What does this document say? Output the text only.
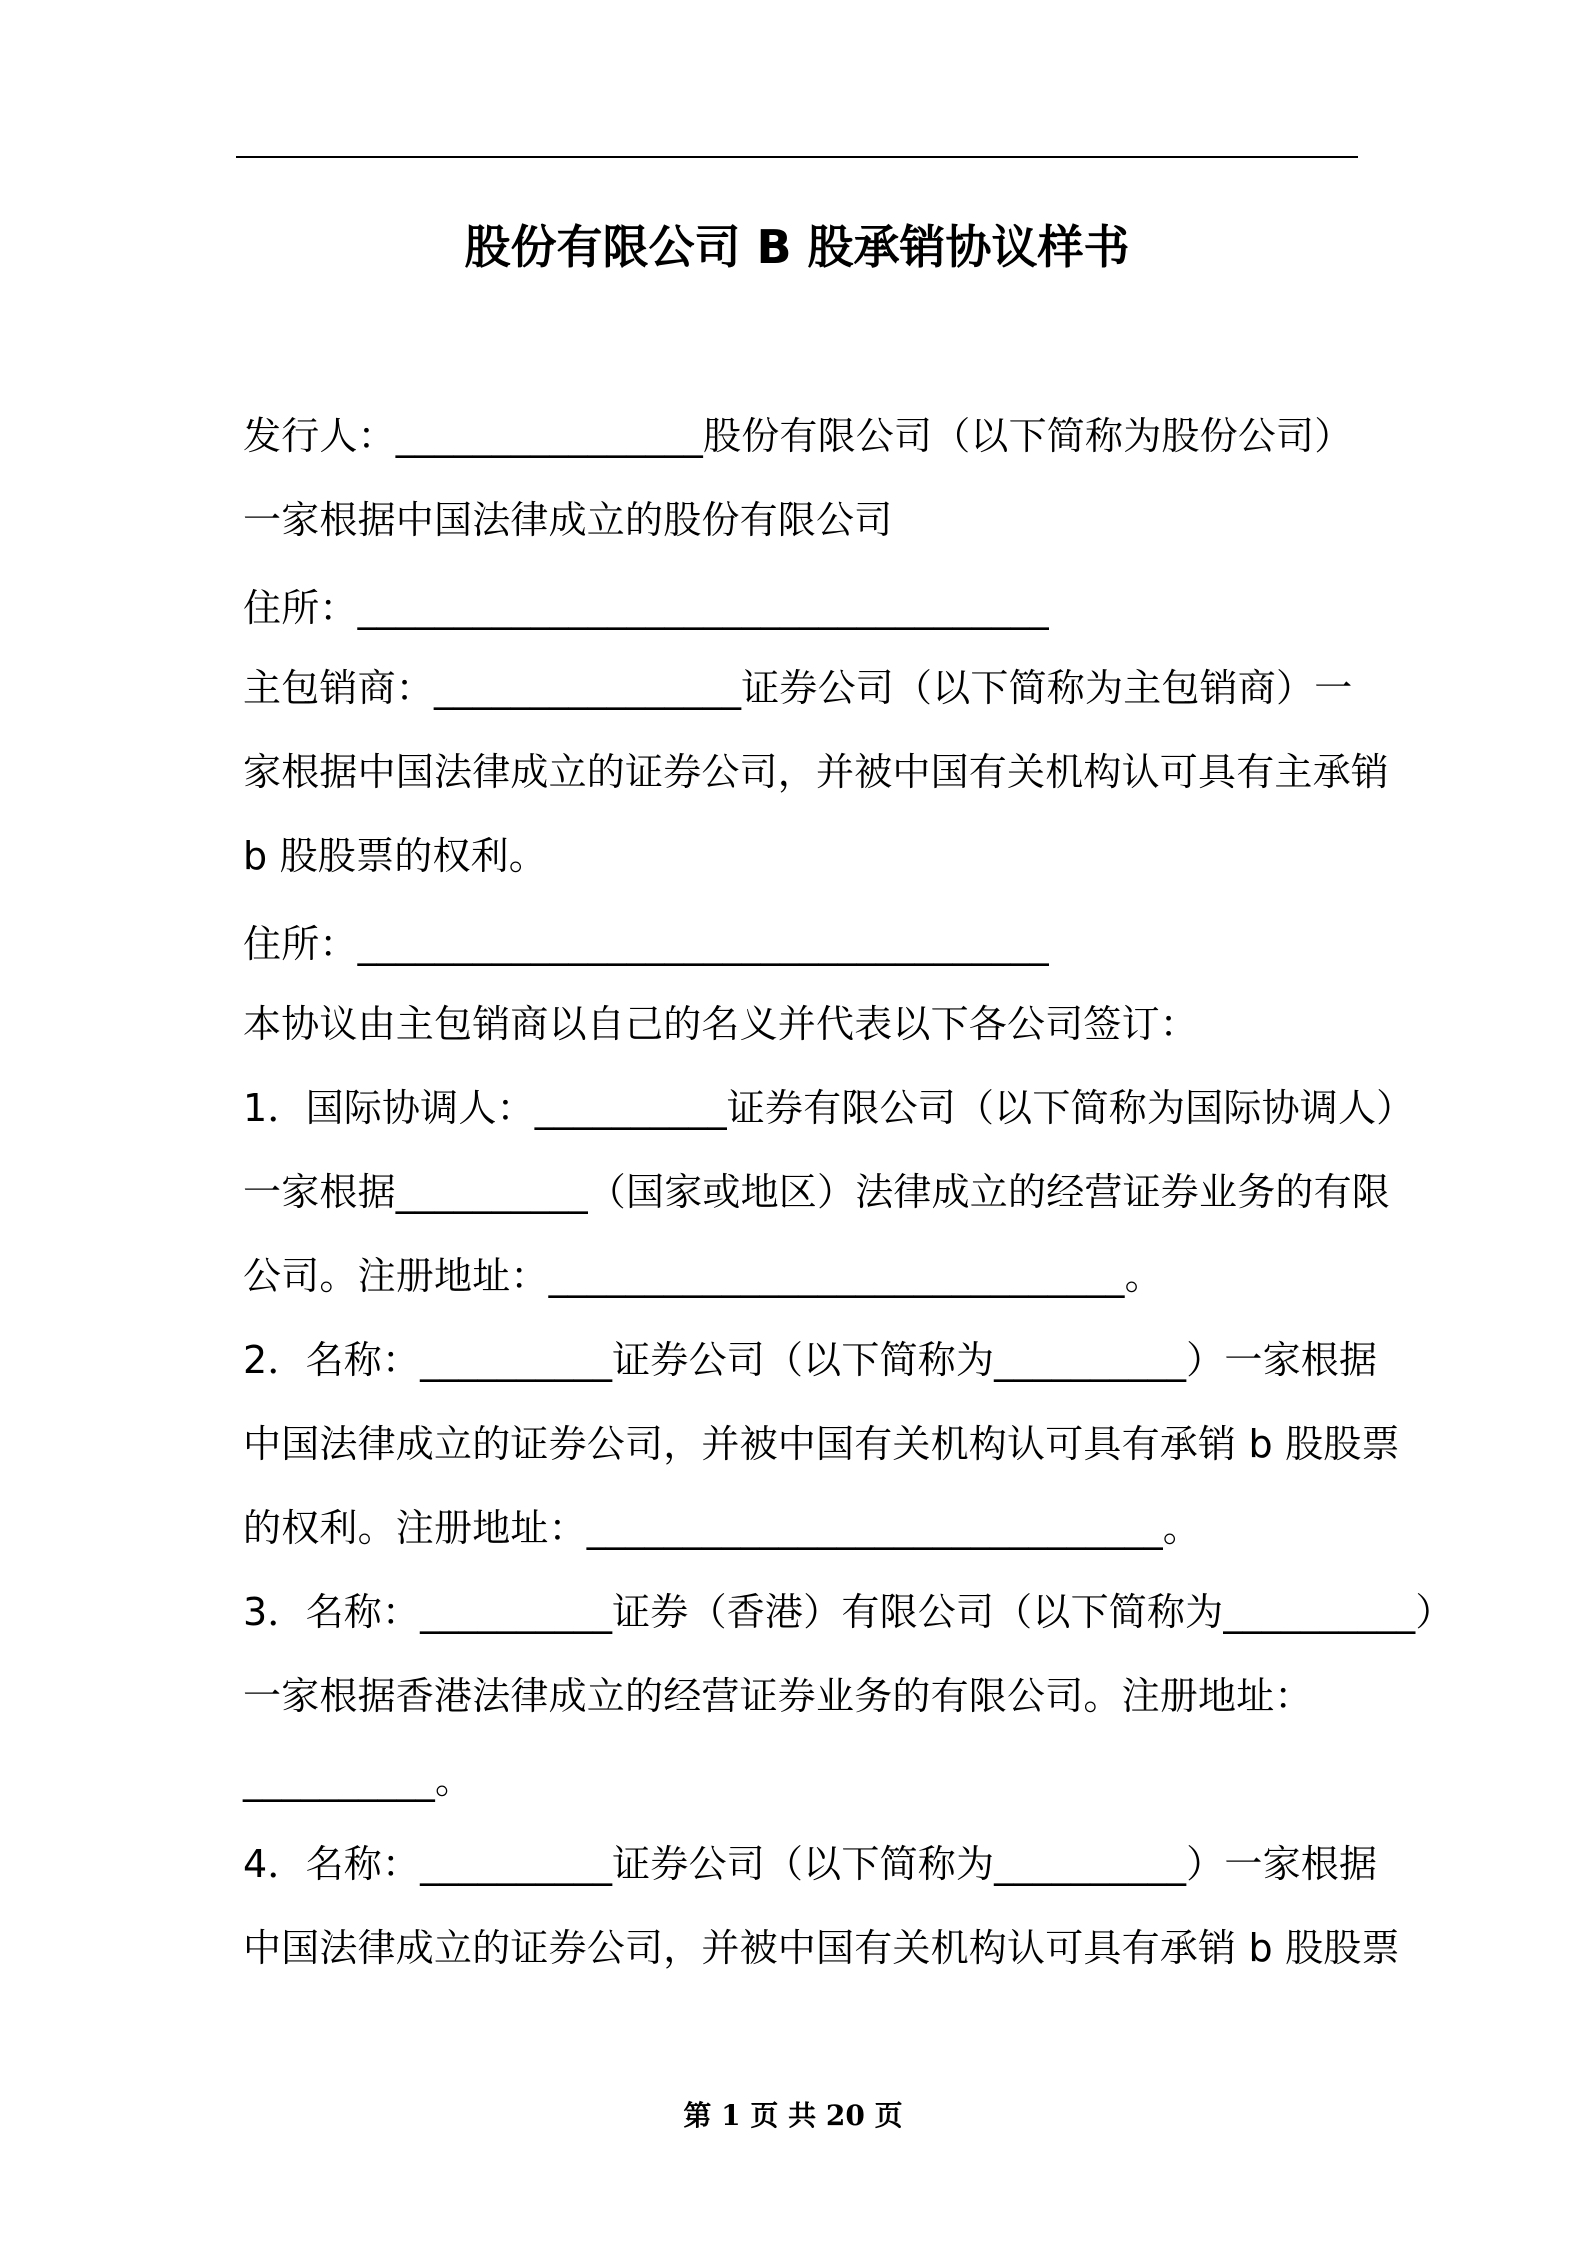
股份有限公司 B 股承销协议样书
发行人：________________股份有限公司（以下简称为股份公司）
一家根据中国法律成立的股份有限公司
住所：____________________________________
主包销商：________________证券公司（以下简称为主包销商）一
家根据中国法律成立的证券公司，并被中国有关机构认可具有主承销
b 股股票的权利。
住所：____________________________________
本协议由主包销商以自己的名义并代表以下各公司签订：
1．国际协调人：__________证券有限公司（以下简称为国际协调人）
一家根据__________（国家或地区）法律成立的经营证券业务的有限
公司。注册地址：______________________________。
2．名称：__________证券公司（以下简称为__________）一家根据
中国法律成立的证券公司，并被中国有关机构认可具有承销 b 股股票
的权利。注册地址：______________________________。
3．名称：__________证券（香港）有限公司（以下简称为__________）
一家根据香港法律成立的经营证券业务的有限公司。注册地址：
__________。
4．名称：__________证券公司（以下简称为__________）一家根据
中国法律成立的证券公司，并被中国有关机构认可具有承销 b 股股票
第 1 页 共 20 页
